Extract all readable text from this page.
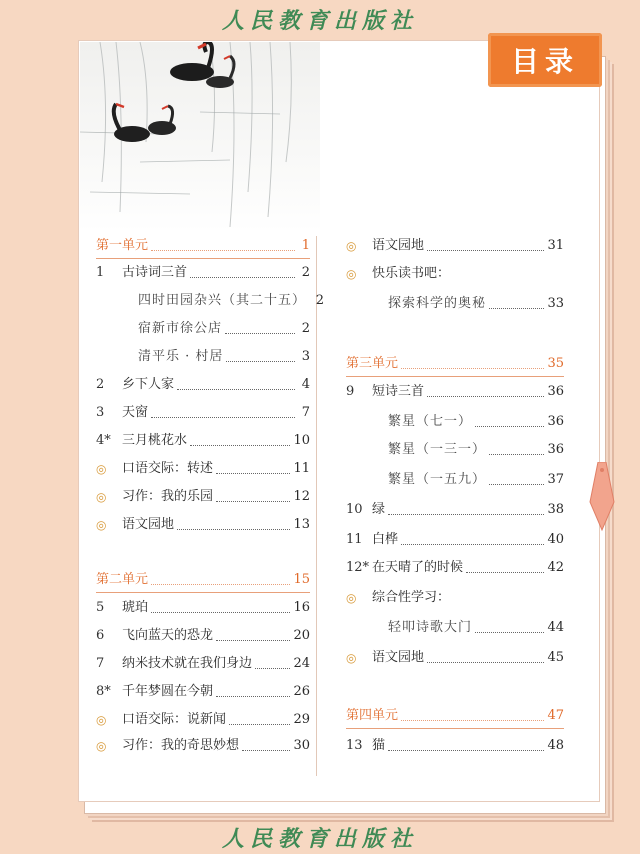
人民教育出版社
目录
第一单元	1
1	古诗词三首	2
四时田园杂兴（其二十五） 2
宿新市徐公店	2
清平乐 · 村居	3
2	乡下人家	4
3	天窗	7
4* 三月桃花水	10
◎	口语交际：转述	11
◎	习作：我的乐园	12
◎	语文园地	13
第二单元	15
5	琥珀	16
6	飞向蓝天的恐龙	20
7	纳米技术就在我们身边	24
8* 千年梦圆在今朝	26
◎	口语交际：说新闻	29
◎	习作：我的奇思妙想	30
◎	语文园地	31
◎	快乐读书吧：
探索科学的奥秘	33
第三单元	35
9	短诗三首	36
繁星（七一）	36
繁星（一三一）	36
繁星（一五九）	37
10 绿	38
11 白桦	40
12* 在天晴了的时候	42
◎	综合性学习：
轻叩诗歌大门	44
◎	语文园地	45
第四单元	47
13 猫	48
人民教育出版社
